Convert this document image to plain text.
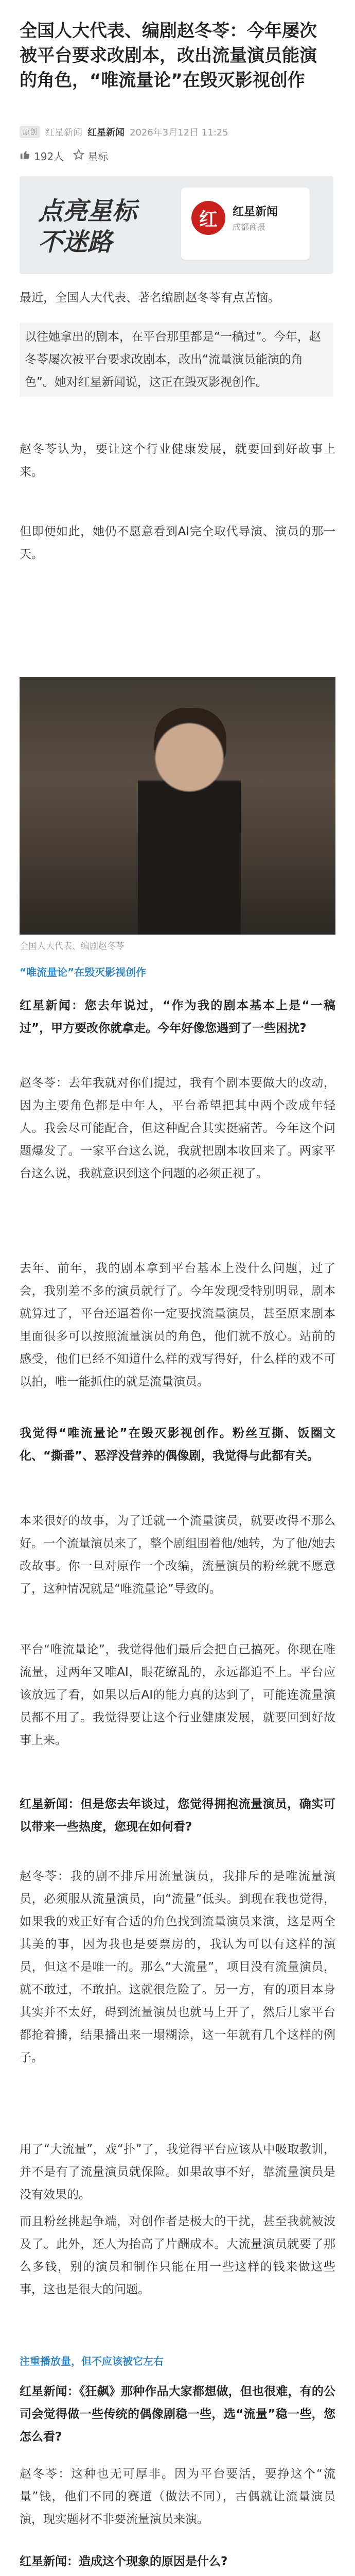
全国人大代表、编剧赵冬苓：今年屡次被平台要求改剧本，改出流量演员能演的角色，“唯流量论”在毁灭影视创作
原创 红星新闻 红星新闻 2026年3月12日 11:25
192人 星标
点亮星标
不迷路
红	红星新闻
成都商报
最近，全国人大代表、著名编剧赵冬苓有点苦恼。
以往她拿出的剧本，在平台那里都是“一稿过”。今年，赵冬苓屡次被平台要求改剧本，改出“流量演员能演的角色”。她对红星新闻说，这正在毁灭影视创作。
赵冬苓认为，要让这个行业健康发展，就要回到好故事上来。
但即便如此，她仍不愿意看到AI完全取代导演、演员的那一天。
全国人大代表、编剧赵冬苓
“唯流量论”在毁灭影视创作
红星新闻：您去年说过，“作为我的剧本基本上是“一稿过”，甲方要改你就拿走。今年好像您遇到了一些困扰?
赵冬苓：去年我就对你们提过，我有个剧本要做大的改动，因为主要角色都是中年人，平台希望把其中两个改成年轻人。我会尽可能配合，但这种配合其实挺痛苦。今年这个问题爆发了。一家平台这么说，我就把剧本收回来了。两家平台这么说，我就意识到这个问题的必须正视了。
去年、前年，我的剧本拿到平台基本上没什么问题，过了会，我别差不多的演员就行了。今年发现受特别明显，剧本就算过了，平台还逼着你一定要找流量演员，甚至原来剧本里面很多可以按照流量演员的角色，他们就不放心。站前的感受，他们已经不知道什么样的戏写得好，什么样的戏不可以拍，唯一能抓住的就是流量演员。
我觉得“唯流量论”在毁灭影视创作。粉丝互撕、饭圈文化、“撕番”、恶浮没营养的偶像剧，我觉得与此都有关。
本来很好的故事，为了迁就一个流量演员，就要改得不那么好。一个流量演员来了，整个剧组围着他/她转，为了他/她去改故事。你一旦对原作一个改编，流量演员的粉丝就不愿意了，这种情况就是“唯流量论”导致的。
平台“唯流量论”，我觉得他们最后会把自己搞死。你现在唯流量，过两年又唯AI，眼花缭乱的，永远都追不上。平台应该放远了看，如果以后AI的能力真的达到了，可能连流量演员都不用了。我觉得要让这个行业健康发展，就要回到好故事上来。
红星新闻：但是您去年谈过，您觉得拥抱流量演员，确实可以带来一些热度，您现在如何看?
赵冬苓：我的剧不排斥用流量演员，我排斥的是唯流量演员，必须服从流量演员，向“流量”低头。到现在我也觉得，如果我的戏正好有合适的角色找到流量演员来演，这是两全其美的事，因为我也是要票房的，我认为可以有这样的演员，但这不是唯一的。那么“大流量”，项目没有流量演员，就不敢过，不敢拍。这就很危险了。另一方，有的项目本身其实并不太好，碍到流量演员也就马上开了，然后几家平台都抢着播，结果播出来一塌糊涂，这一年就有几个这样的例子。
用了“大流量”，戏“扑”了，我觉得平台应该从中吸取教训，并不是有了流量演员就保险。如果故事不好，靠流量演员是没有效果的。
而且粉丝挑起争端，对创作者是极大的干扰，甚至我就被波及了。此外，还人为抬高了片酬成本。大流量演员就要了那么多钱，别的演员和制作只能在用一些这样的钱来做这些事，这也是很大的问题。
注重播放量，但不应该被它左右
红星新闻：《狂飙》那种作品大家都想做，但也很难，有的公司会觉得做一些传统的偶像剧稳一些，选“流量”稳一些，您怎么看?
赵冬苓：这种也无可厚非。因为平台要活，要挣这个“流量”钱，他们不同的赛道（做法不同），古偶就让流量演员演，现实题材不非要流量演员来演。
红星新闻：造成这个现象的原因是什么?
